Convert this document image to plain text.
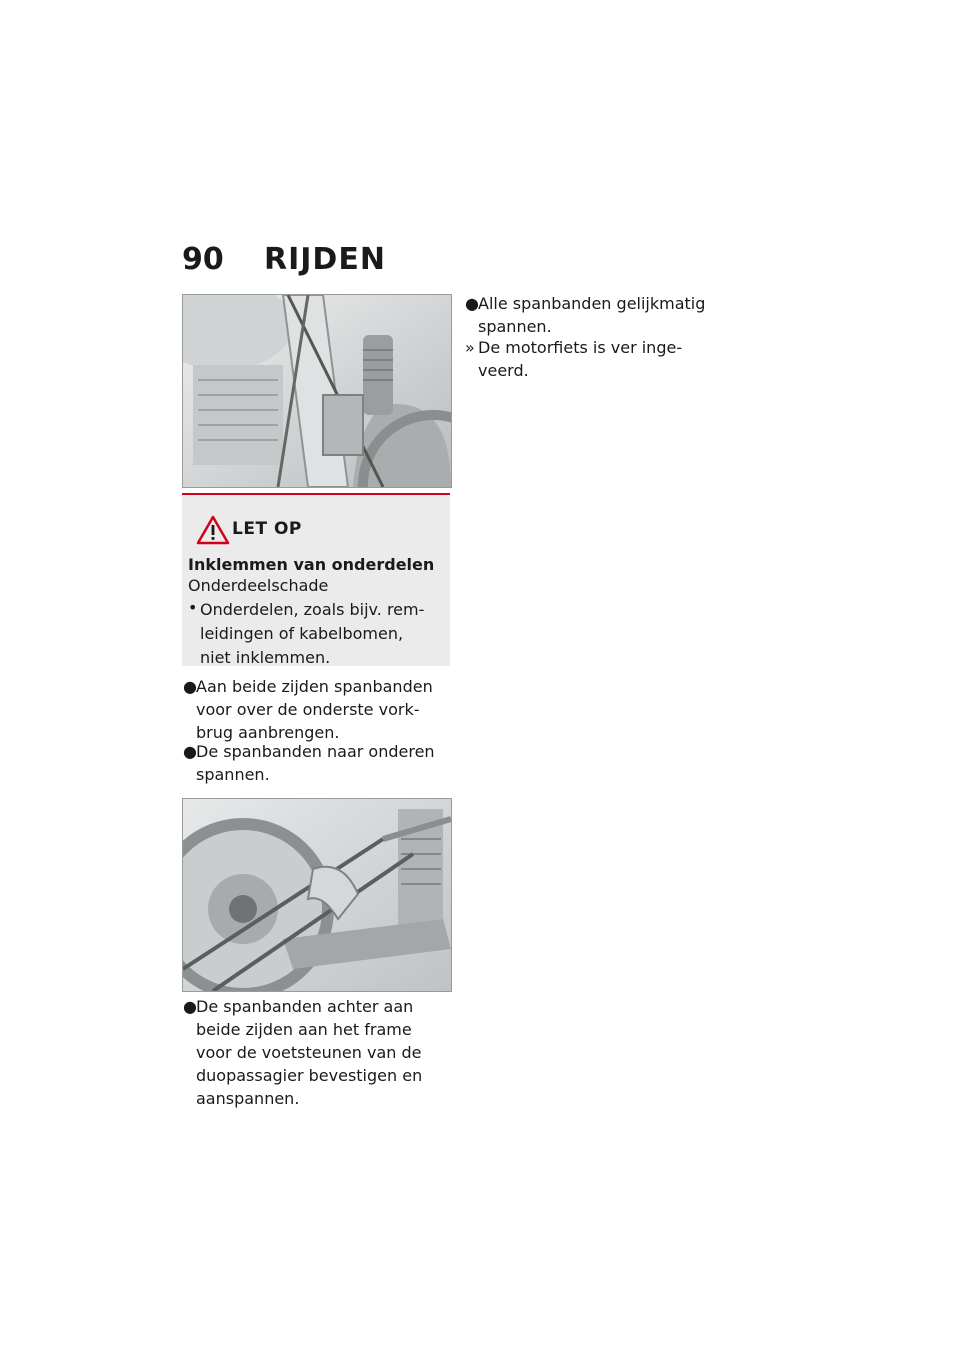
90 RIJDEN
LET OP
Inklemmen van onderdelen
Onderdeelschade
• Onderdelen, zoals bijv. rem-
leidingen of kabelbomen,
niet inklemmen.
● Aan beide zijden spanbanden
voor over de onderste vork-
brug aanbrengen.
● De spanbanden naar onderen
spannen.
● De spanbanden achter aan
beide zijden aan het frame
voor de voetsteunen van de
duopassagier bevestigen en
aanspannen.
● Alle spanbanden gelijkmatig
spannen.
» De motorfiets is ver inge-
veerd.
